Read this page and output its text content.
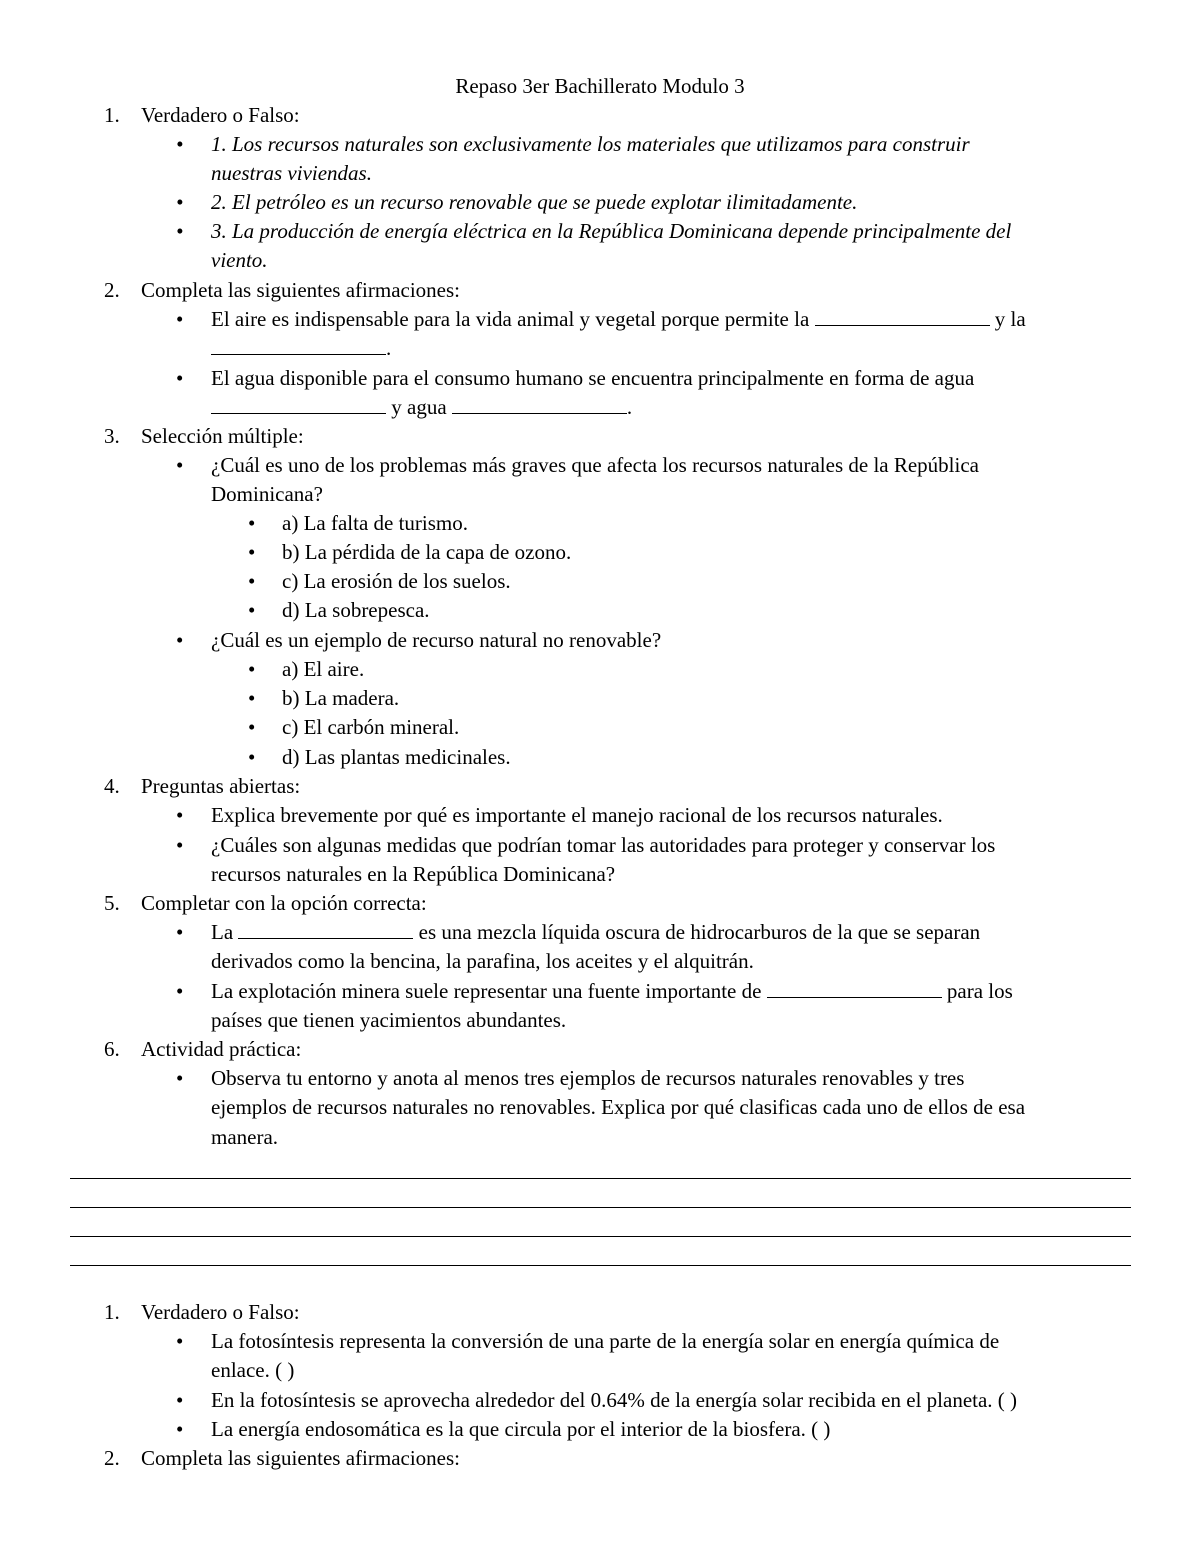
Repaso 3er Bachillerato Modulo 3
1. Verdadero o Falso:
• 1. Los recursos naturales son exclusivamente los materiales que utilizamos para construir
nuestras viviendas.
• 2. El petróleo es un recurso renovable que se puede explotar ilimitadamente.
• 3. La producción de energía eléctrica en la República Dominicana depende principalmente del
viento.
2. Completa las siguientes afirmaciones:
• El aire es indispensable para la vida animal y vegetal porque permite la	y la
.
• El agua disponible para el consumo humano se encuentra principalmente en forma de agua
y agua	.
3. Selección múltiple:
• ¿Cuál es uno de los problemas más graves que afecta los recursos naturales de la República
Dominicana?
• a) La falta de turismo.
• b) La pérdida de la capa de ozono.
• c) La erosión de los suelos.
• d) La sobrepesca.
• ¿Cuál es un ejemplo de recurso natural no renovable?
• a) El aire.
• b) La madera.
• c) El carbón mineral.
• d) Las plantas medicinales.
4. Preguntas abiertas:
• Explica brevemente por qué es importante el manejo racional de los recursos naturales.
• ¿Cuáles son algunas medidas que podrían tomar las autoridades para proteger y conservar los
recursos naturales en la República Dominicana?
5. Completar con la opción correcta:
• La	es una mezcla líquida oscura de hidrocarburos de la que se separan
derivados como la bencina, la parafina, los aceites y el alquitrán.
• La explotación minera suele representar una fuente importante de	para los
países que tienen yacimientos abundantes.
6. Actividad práctica:
• Observa tu entorno y anota al menos tres ejemplos de recursos naturales renovables y tres
ejemplos de recursos naturales no renovables. Explica por qué clasificas cada uno de ellos de esa
manera.
1. Verdadero o Falso:
• La fotosíntesis representa la conversión de una parte de la energía solar en energía química de
enlace. ( )
• En la fotosíntesis se aprovecha alrededor del 0.64% de la energía solar recibida en el planeta. ( )
• La energía endosomática es la que circula por el interior de la biosfera. ( )
2. Completa las siguientes afirmaciones:
